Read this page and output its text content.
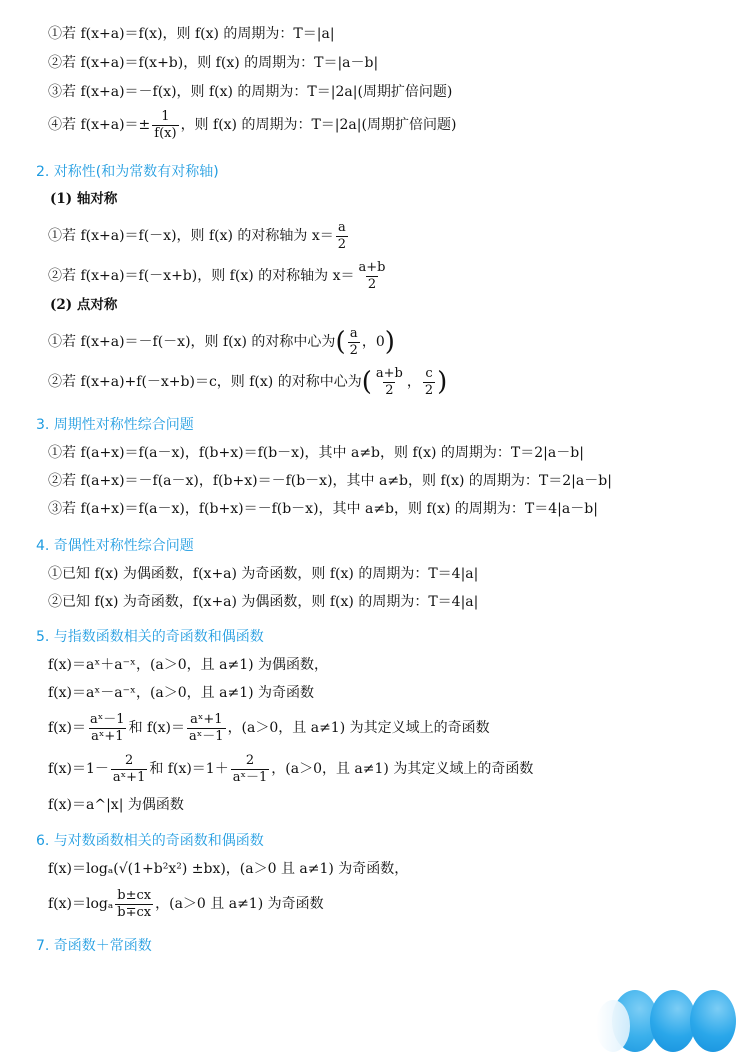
①若 f(x+a)＝f(x)，则 f(x) 的周期为：T＝|a|
②若 f(x+a)＝f(x+b)，则 f(x) 的周期为：T＝|a－b|
③若 f(x+a)＝－f(x)，则 f(x) 的周期为：T＝|2a|(周期扩倍问题)
④若 $f(x+a)=\pm \frac{1}{f(x)}$ ，则 f(x) 的周期为：T＝|2a|(周期扩倍问题)
2. 对称性(和为常数有对称轴)
(1) 轴对称
①若 f(x+a)＝f(－x)，则 f(x) 的对称轴为 $x= \frac{a}{2}$
②若 f(x+a)＝f(－x+b)，则 f(x) 的对称轴为 $x= \frac{a+b}{2}$
(2) 点对称
①若 f(x+a)＝－f(－x)，则 f(x) 的对称中心为 ( $\frac{a}{2}$ ，0 )
②若 f(x+a)+f(－x+b)＝c，则 f(x) 的对称中心为 ( $\frac{a+b}{2}$ ， $\frac{c}{2}$ )
3. 周期性对称性综合问题
①若 f(a+x)＝f(a－x)，f(b+x)＝f(b－x)，其中 a≠b，则 f(x) 的周期为：T＝2|a－b|
②若 f(a+x)＝－f(a－x)，f(b+x)＝－f(b－x)，其中 a≠b，则 f(x) 的周期为：T＝2|a－b|
③若 f(a+x)＝f(a－x)，f(b+x)＝－f(b－x)，其中 a≠b，则 f(x) 的周期为：T＝4|a－b|
4. 奇偶性对称性综合问题
①已知 f(x) 为偶函数，f(x+a) 为奇函数，则 f(x) 的周期为：T＝4|a|
②已知 f(x) 为奇函数，f(x+a) 为偶函数，则 f(x) 的周期为：T＝4|a|
5. 与指数函数相关的奇函数和偶函数
f(x)＝aˣ＋a⁻ˣ，(a＞0，且 a≠1) 为偶函数，
f(x)＝aˣ－a⁻ˣ，(a＞0，且 a≠1) 为奇函数
$f(x)= \frac{\text{aˣ－1}}{\text{aˣ+1}}$ 和 $f(x)= \frac{\text{aˣ+1}}{\text{aˣ－1}}$ ，(a＞0，且 a≠1) 为其定义域上的奇函数
$f(x)=1- \frac{2}{\text{aˣ+1}}$ 和 $f(x)=1+ \frac{2}{\text{aˣ－1}}$ ，(a＞0，且 a≠1) 为其定义域上的奇函数
f(x)＝a^|x| 为偶函数
6. 与对数函数相关的奇函数和偶函数
f(x)＝logₐ(√(1+b²x²) ±bx)，(a＞0 且 a≠1) 为奇函数，
$f(x)=\log_a \frac{b\pm cx}{b\mp cx}$ ，(a＞0 且 a≠1) 为奇函数
7. 奇函数＋常函数
